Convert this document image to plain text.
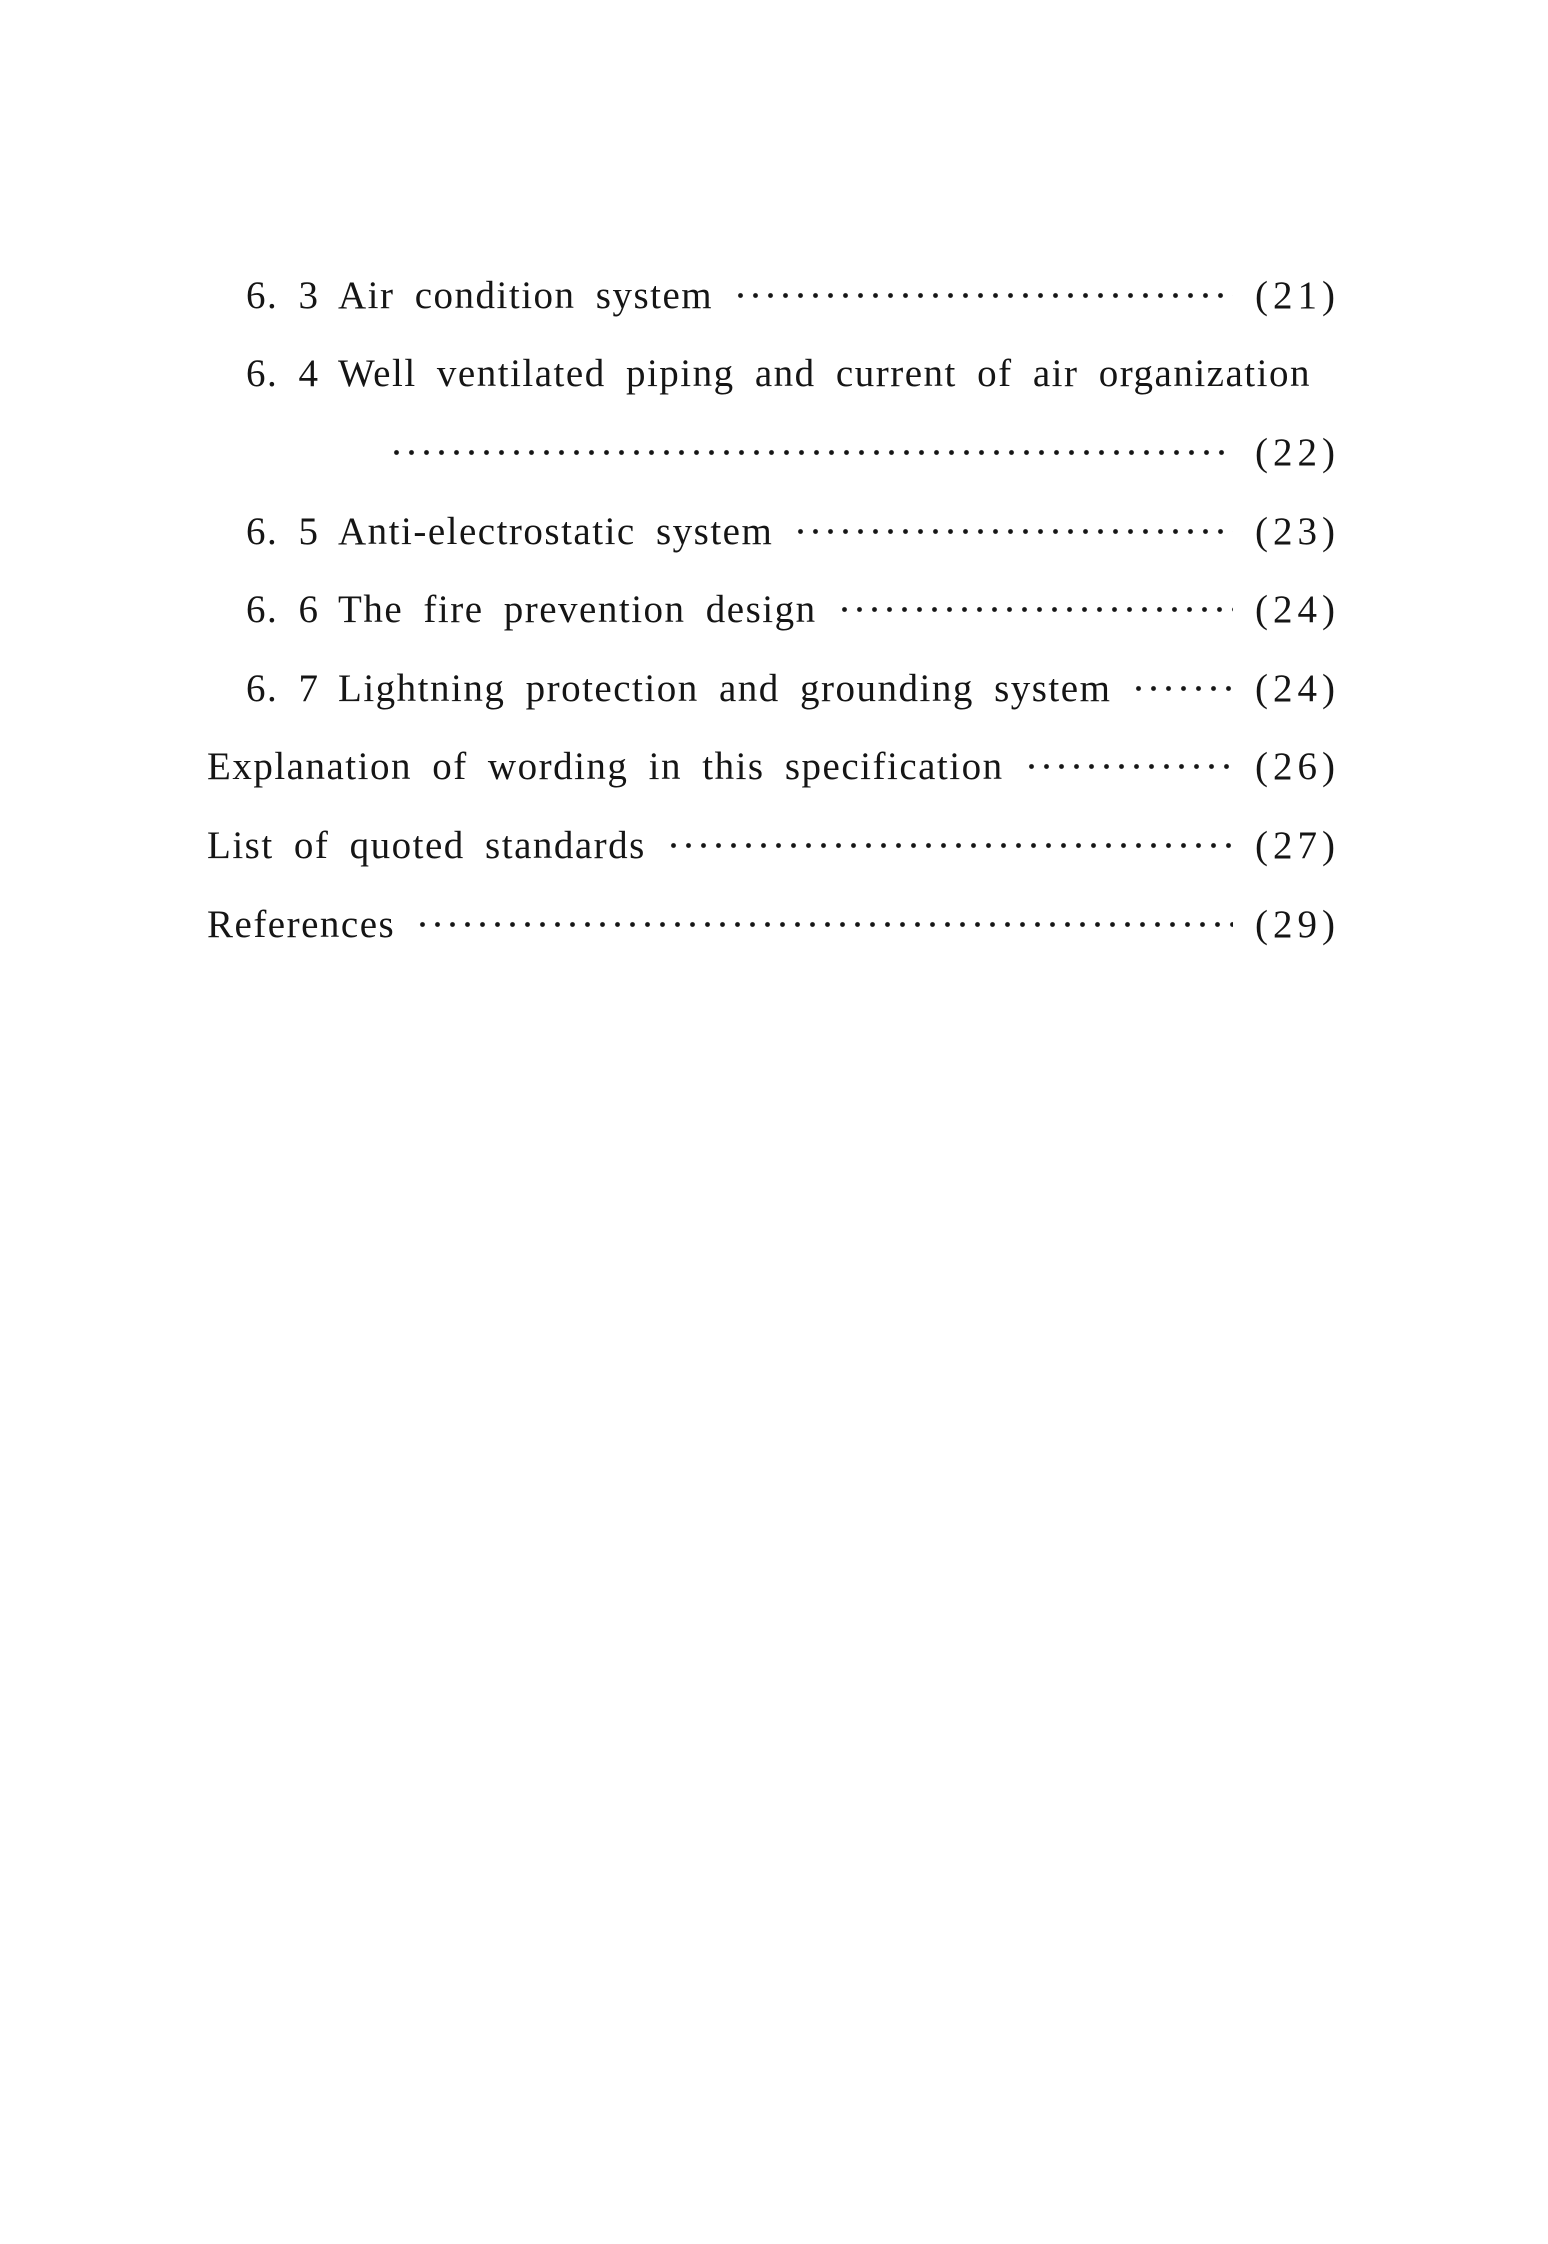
6. 3 Air condition system	(21)
6. 4 Well ventilated piping and current of air organization
(22)
6. 5 Anti-electrostatic system	(23)
6. 6 The fire prevention design	(24)
6. 7 Lightning protection and grounding system	(24)
Explanation of wording in this specification	(26)
List of quoted standards	(27)
References	(29)
